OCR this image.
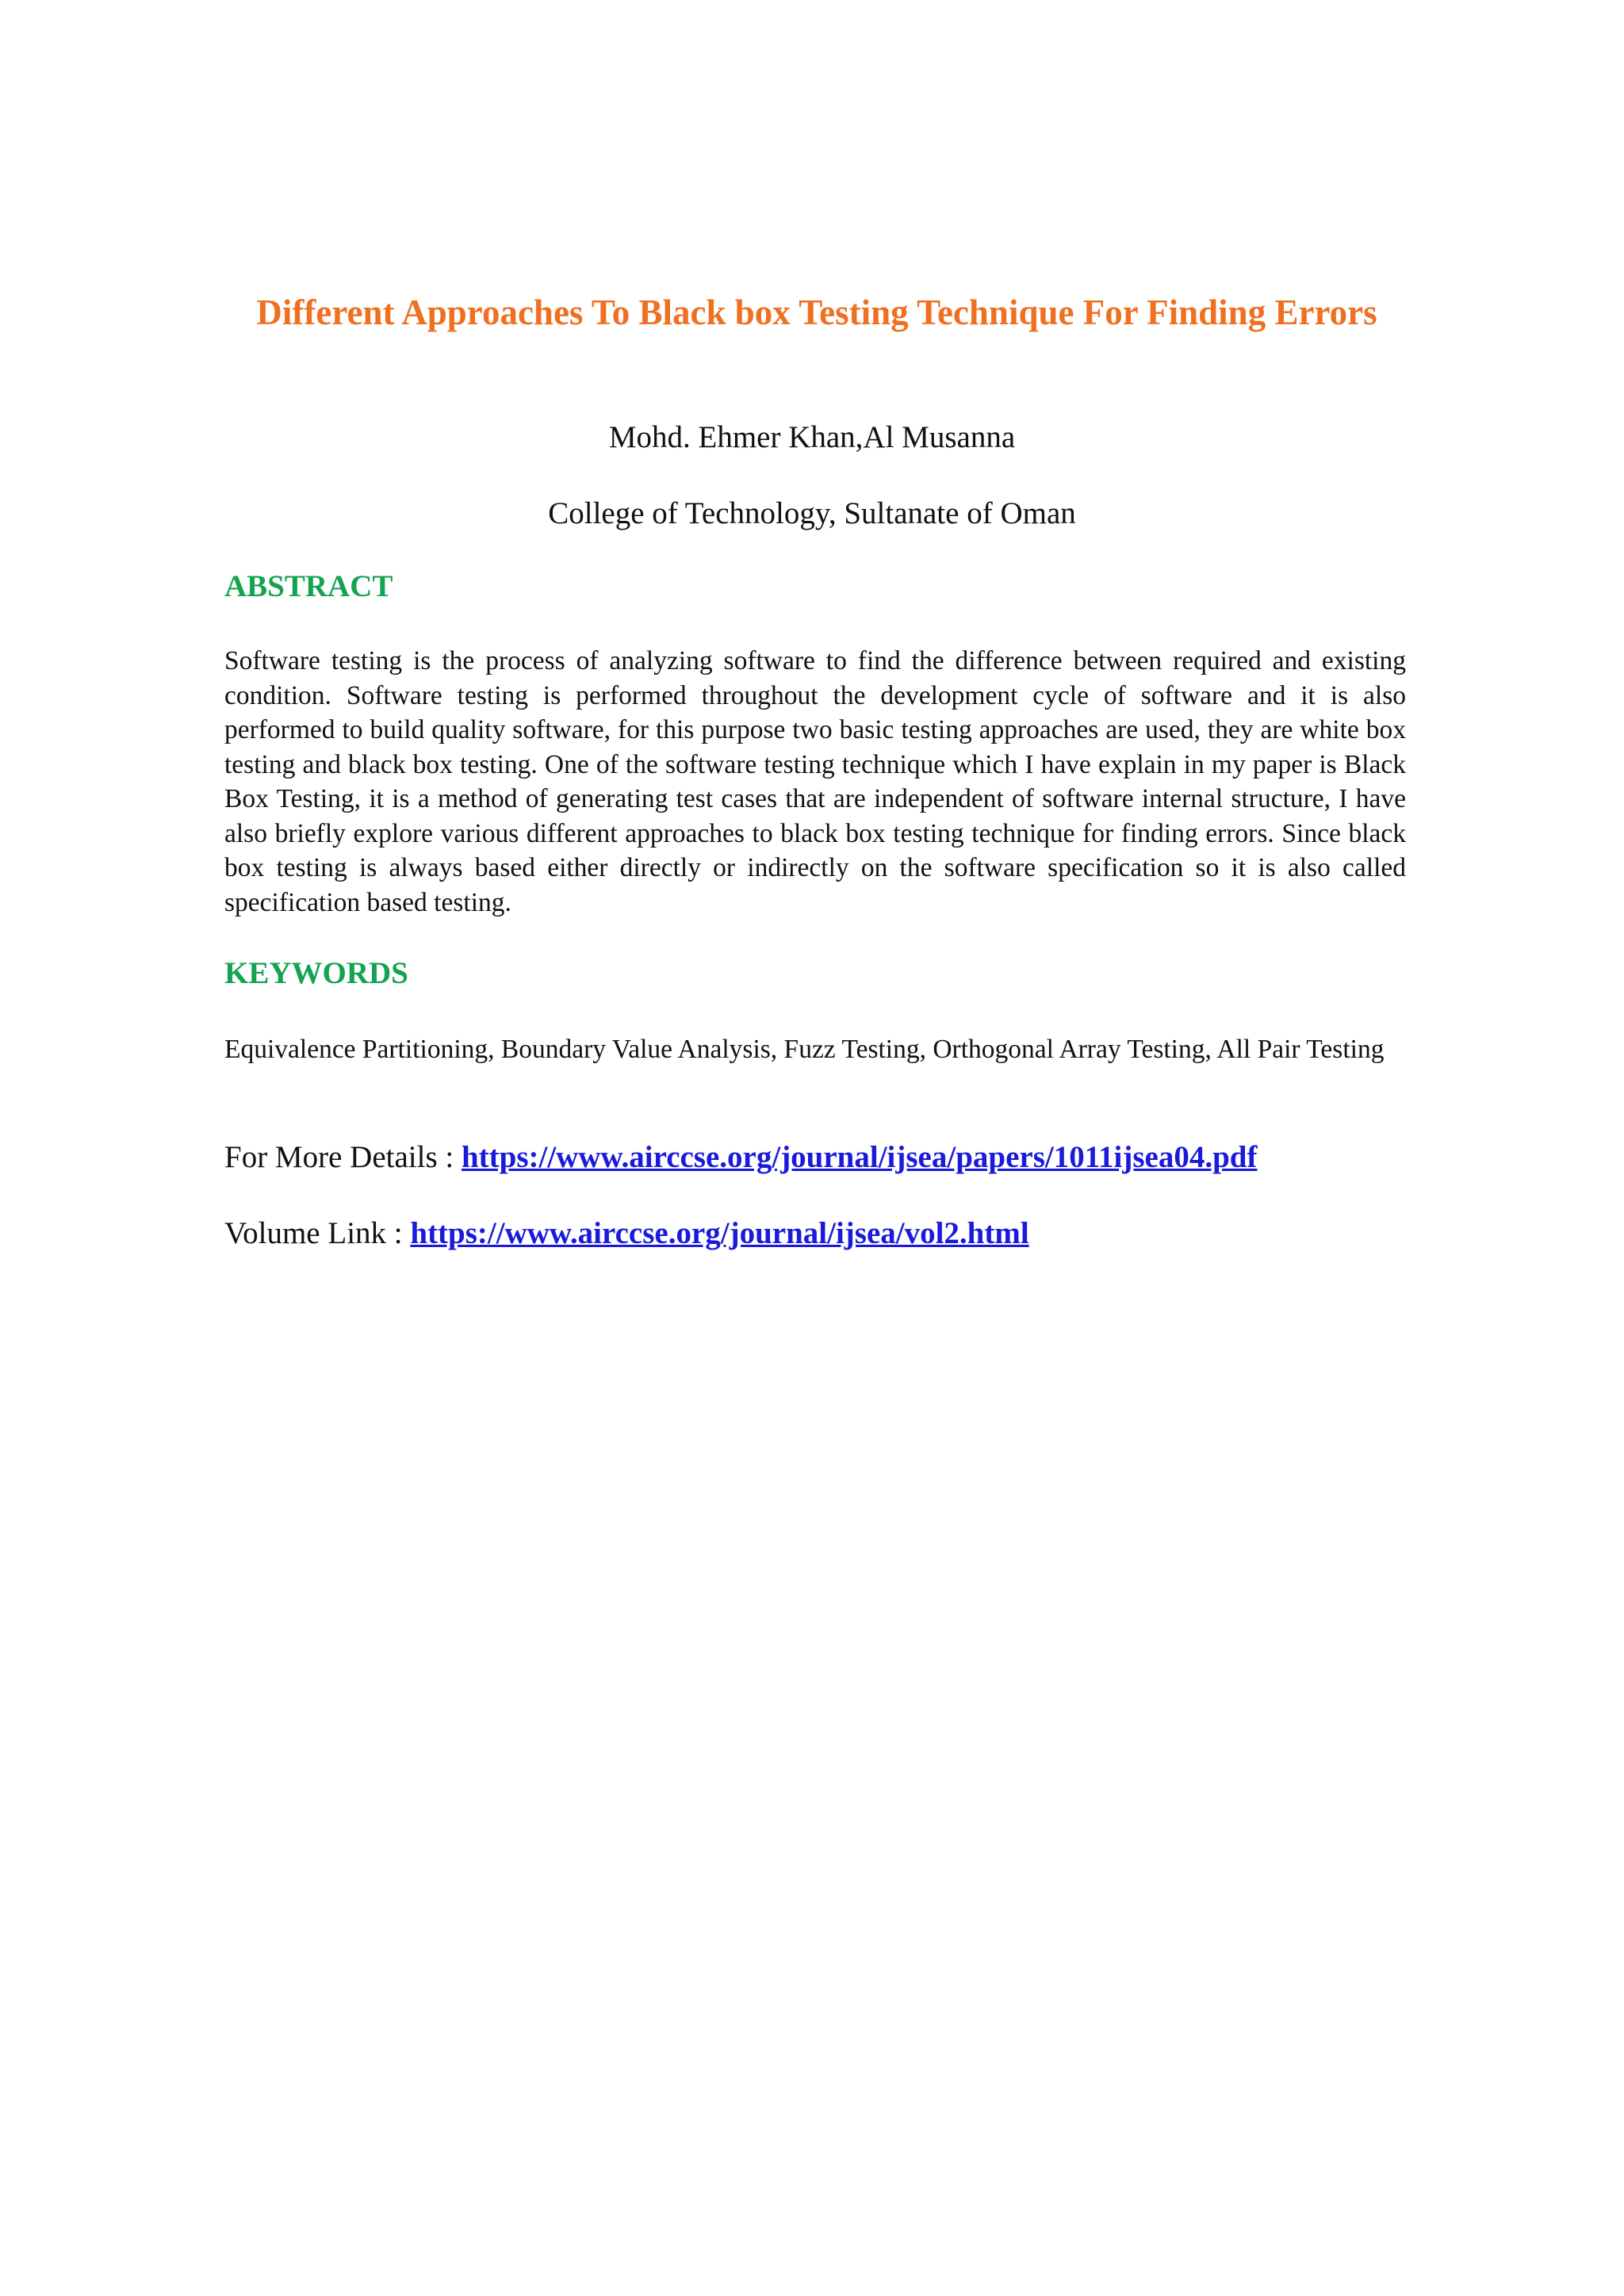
Different Approaches To Black box Testing Technique For Finding Errors

Mohd. Ehmer Khan,Al Musanna

College of Technology, Sultanate of Oman

ABSTRACT

Software testing is the process of analyzing software to find the difference between required and existing condition. Software testing is performed throughout the development cycle of software and it is also performed to build quality software, for this purpose two basic testing approaches are used, they are white box testing and black box testing. One of the software testing technique which I have explain in my paper is Black Box Testing, it is a method of generating test cases that are independent of software internal structure, I have also briefly explore various different approaches to black box testing technique for finding errors. Since black box testing is always based either directly or indirectly on the software specification so it is also called specification based testing.

KEYWORDS

Equivalence Partitioning, Boundary Value Analysis, Fuzz Testing, Orthogonal Array Testing, All Pair Testing

For More Details : https://www.airccse.org/journal/ijsea/papers/1011ijsea04.pdf

Volume Link : https://www.airccse.org/journal/ijsea/vol2.html
